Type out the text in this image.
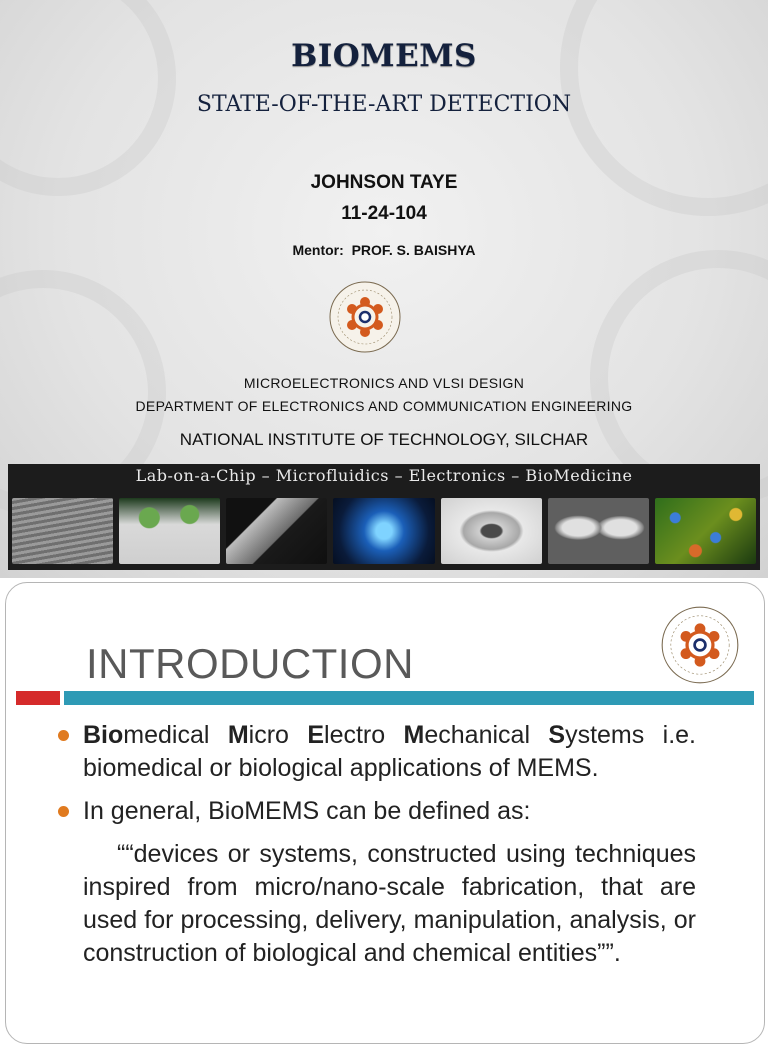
BIOMEMS
STATE-OF-THE-ART DETECTION
JOHNSON TAYE
11-24-104
Mentor: PROF. S. BAISHYA
MICROELECTRONICS AND VLSI DESIGN
DEPARTMENT OF ELECTRONICS AND COMMUNICATION ENGINEERING
NATIONAL INSTITUTE OF TECHNOLOGY, SILCHAR
Lab-on-a-Chip – Microfluidics – Electronics – BioMedicine
INTRODUCTION
Biomedical Micro Electro Mechanical Systems i.e. biomedical or biological applications of MEMS.
In general, BioMEMS can be defined as:
““devices or systems, constructed using techniques inspired from micro/nano-scale fabrication, that are used for processing, delivery, manipulation, analysis, or construction of biological and chemical entities””.
